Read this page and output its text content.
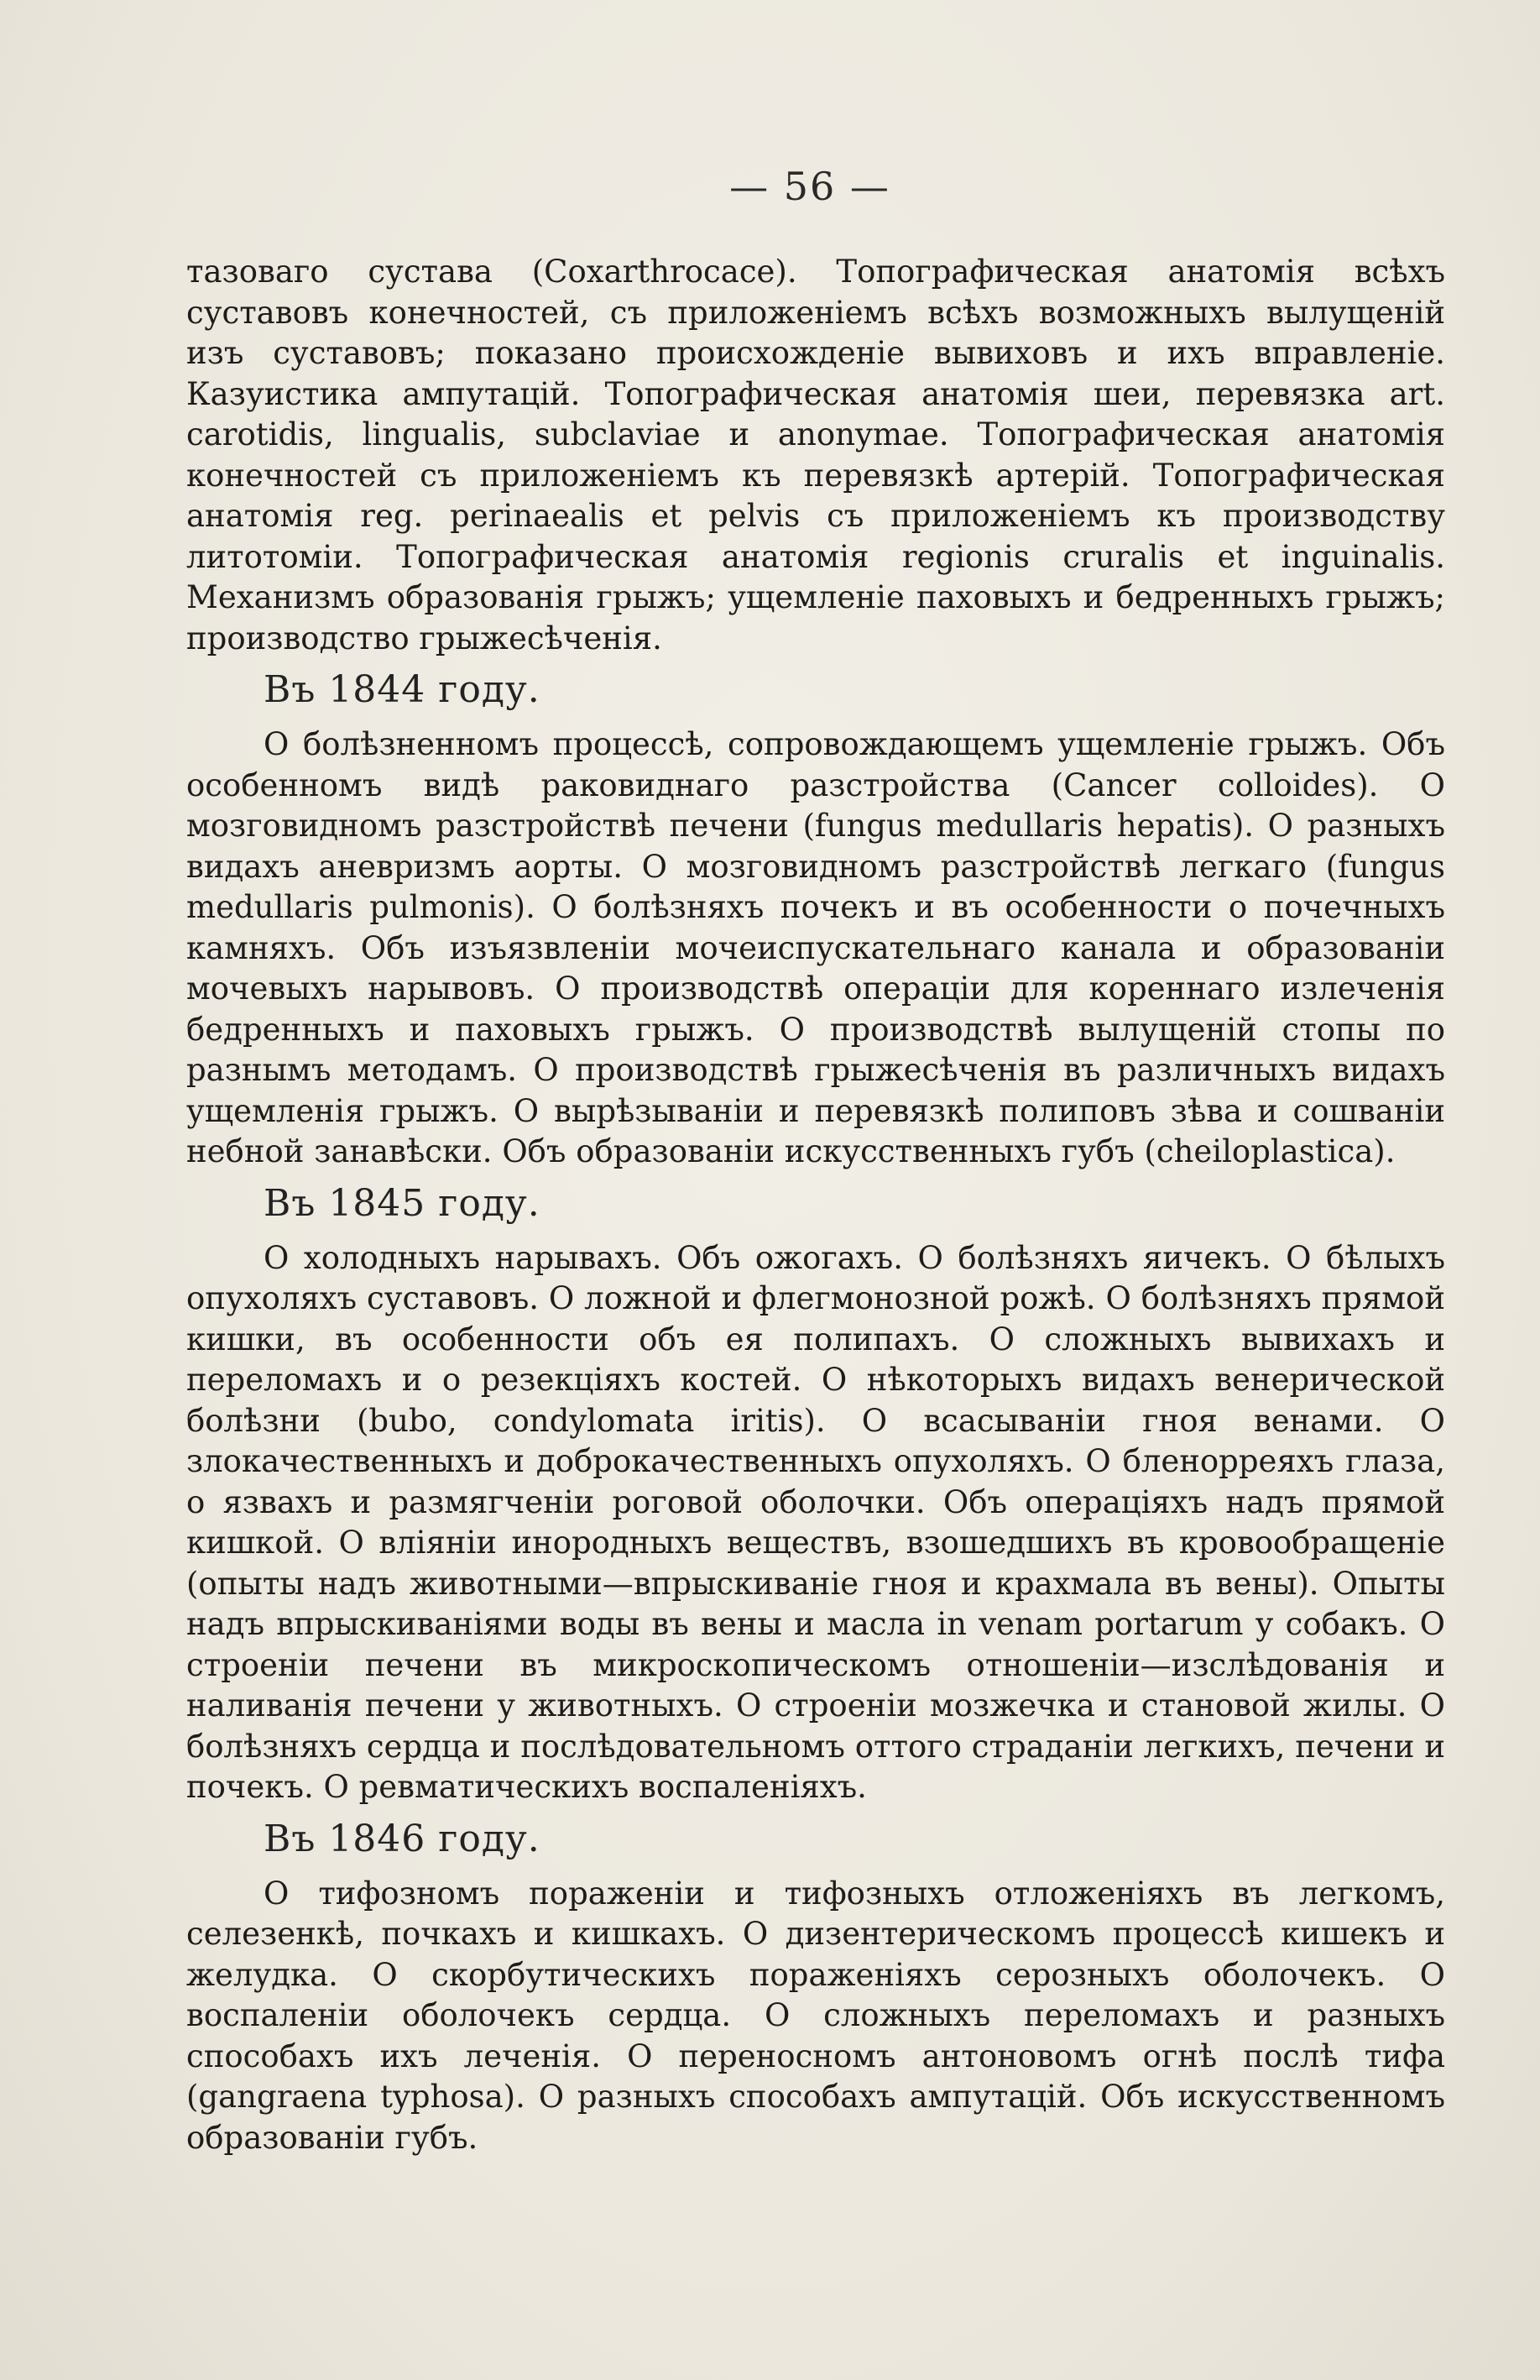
— 56 —

тазоваго сустава (Coxarthrocace). Топографическая анатомія всѣхъ суставовъ конечностей, съ приложеніемъ всѣхъ возможныхъ вылущеній изъ суставовъ; показано происхожденіе вывиховъ и ихъ вправленіе. Казуистика ампутацій. Топографическая анатомія шеи, перевязка art. carotidis, lingualis, subclaviae и anonymae. Топографическая анатомія конечностей съ приложеніемъ къ перевязкѣ артерій. Топографическая анатомія reg. perinaealis et pelvis съ приложеніемъ къ производству литотоміи. Топографическая анатомія regionis cruralis et inguinalis. Механизмъ образованія грыжъ; ущемленіе паховыхъ и бедренныхъ грыжъ; производство грыжесѣченія.

Въ 1844 году.

О болѣзненномъ процессѣ, сопровождающемъ ущемленіе грыжъ. Объ особенномъ видѣ раковиднаго разстройства (Cancer colloides). О мозговидномъ разстройствѣ печени (fungus medullaris hepatis). О разныхъ видахъ аневризмъ аорты. О мозговидномъ разстройствѣ легкаго (fungus medullaris pulmonis). О болѣзняхъ почекъ и въ особенности о почечныхъ камняхъ. Объ изъязвленіи мочеиспускательнаго канала и образованіи мочевыхъ нарывовъ. О производствѣ операціи для кореннаго излеченія бедренныхъ и паховыхъ грыжъ. О производствѣ вылущеній стопы по разнымъ методамъ. О производствѣ грыжесѣченія въ различныхъ видахъ ущемленія грыжъ. О вырѣзываніи и перевязкѣ полиповъ зѣва и сошваніи небной занавѣски. Объ образованіи искусственныхъ губъ (cheiloplastica).

Въ 1845 году.

О холодныхъ нарывахъ. Объ ожогахъ. О болѣзняхъ яичекъ. О бѣлыхъ опухоляхъ суставовъ. О ложной и флегмонозной рожѣ. О болѣзняхъ прямой кишки, въ особенности объ ея полипахъ. О сложныхъ вывихахъ и переломахъ и о резекціяхъ костей. О нѣкоторыхъ видахъ венерической болѣзни (bubo, condylomata iritis). О всасываніи гноя венами. О злокачественныхъ и доброкачественныхъ опухоляхъ. О бленорреяхъ глаза, о язвахъ и размягченіи роговой оболочки. Объ операціяхъ надъ прямой кишкой. О вліяніи инородныхъ веществъ, взошедшихъ въ кровообращеніе (опыты надъ животными—впрыскиваніе гноя и крахмала въ вены). Опыты надъ впрыскиваніями воды въ вены и масла in venam portarum у собакъ. О строеніи печени въ микроскопическомъ отношеніи—изслѣдованія и наливанія печени у животныхъ. О строеніи мозжечка и становой жилы. О болѣзняхъ сердца и послѣдовательномъ оттого страданіи легкихъ, печени и почекъ. О ревматическихъ воспаленіяхъ.

Въ 1846 году.

О тифозномъ пораженіи и тифозныхъ отложеніяхъ въ легкомъ, селезенкѣ, почкахъ и кишкахъ. О дизентерическомъ процессѣ кишекъ и желудка. О скорбутическихъ пораженіяхъ серозныхъ оболочекъ. О воспаленіи оболочекъ сердца. О сложныхъ переломахъ и разныхъ способахъ ихъ леченія. О переносномъ антоновомъ огнѣ послѣ тифа (gangraena typhosa). О разныхъ способахъ ампутацій. Объ искусственномъ образованіи губъ.
